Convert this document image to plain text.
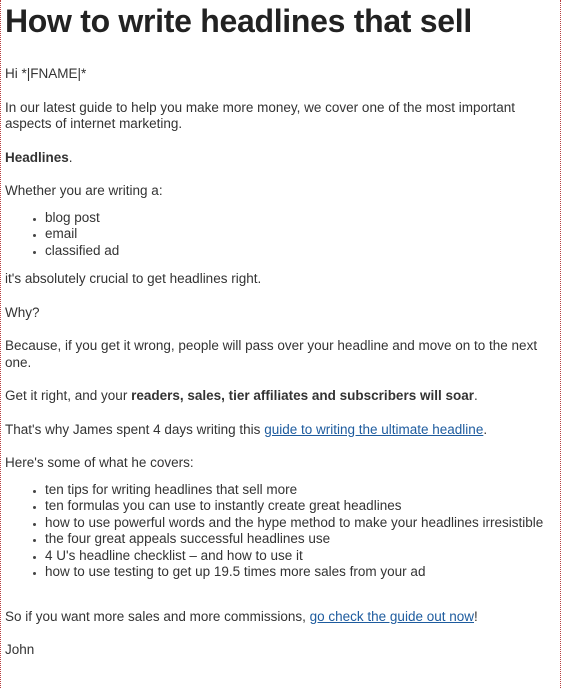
How to write headlines that sell

Hi *|FNAME|*

In our latest guide to help you make more money, we cover one of the most important aspects of internet marketing.

Headlines.

Whether you are writing a:

blog post
email
classified ad

it's absolutely crucial to get headlines right.

Why?

Because, if you get it wrong, people will pass over your headline and move on to the next one.

Get it right, and your readers, sales, tier affiliates and subscribers will soar.

That's why James spent 4 days writing this guide to writing the ultimate headline.

Here's some of what he covers:

ten tips for writing headlines that sell more
ten formulas you can use to instantly create great headlines
how to use powerful words and the hype method to make your headlines irresistible
the four great appeals successful headlines use
4 U's headline checklist – and how to use it
how to use testing to get up 19.5 times more sales from your ad

So if you want more sales and more commissions, go check the guide out now!

John
